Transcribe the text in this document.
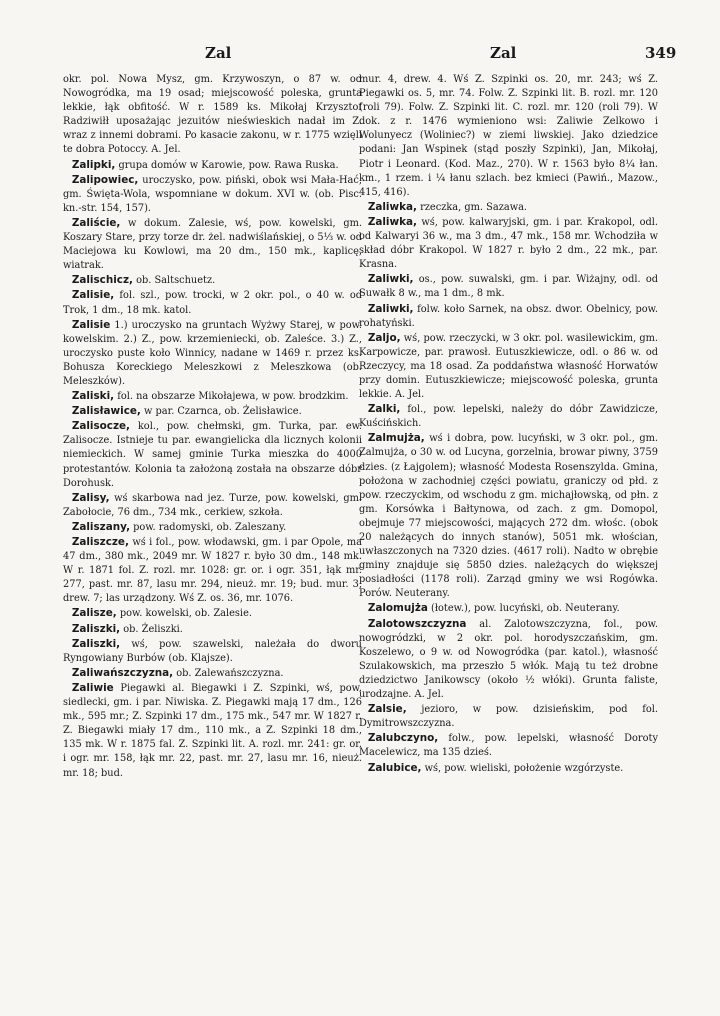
Zal	Zal	349

okr. pol. Nowa Mysz, gm. Krzywoszyn, o 87 w. od Nowogródka, ma 19 osad; miejscowość poleska, grunta lekkie, łąk obfitość. W r. 1589 ks. Mikołaj Krzysztof Radziwiłł uposażając jezuitów nieświeskich nadał im Z. wraz z innemi dobrami. Po kasacie zakonu, w r. 1775 wzięli te dobra Potoccy. A. Jel.

Zalipki, grupa domów w Karowie, pow. Rawa Ruska.

Zalipowiec, uroczysko, pow. piński, obok wsi Mała-Hać, gm. Święta-Wola, wspomniane w dokum. XVI w. (ob. Pisc. kn.-str. 154, 157).

Zaliście, w dokum. Zalesie, wś, pow. kowelski, gm. Koszary Stare, przy torze dr. żel. nadwiślańskiej, o 5⅓ w. od Maciejowa ku Kowlowi, ma 20 dm., 150 mk., kaplicę, wiatrak.

Zalischicz, ob. Saltschuetz.

Zalisie, fol. szl., pow. trocki, w 2 okr. pol., o 40 w. od Trok, 1 dm., 18 mk. katol.

Zalisie 1.) uroczysko na gruntach Wyżwy Starej, w pow. kowelskim. 2.) Z., pow. krzemieniecki, ob. Zaleśce. 3.) Z., uroczysko puste koło Winnicy, nadane w 1469 r. przez ks. Bohusza Koreckiego Meleszkowi z Meleszkowa (ob. Meleszków).

Zaliski, fol. na obszarze Mikołajewa, w pow. brodzkim.

Zalisławice, w par. Czarnca, ob. Żelisławice.

Zalisocze, kol., pow. chełmski, gm. Turka, par. ew. Zalisocze. Istnieje tu par. ewangielicka dla licznych kolonii niemieckich. W samej gminie Turka mieszka do 4000 protestantów. Kolonia ta założoną została na obszarze dóbr Dorohusk.

Zalisy, wś skarbowa nad jez. Turze, pow. kowelski, gm. Zabołocie, 76 dm., 734 mk., cerkiew, szkoła.

Zaliszany, pow. radomyski, ob. Zaleszany.

Zaliszcze, wś i fol., pow. włodawski, gm. i par Opole, ma 47 dm., 380 mk., 2049 mr. W 1827 r. było 30 dm., 148 mk. W r. 1871 fol. Z. rozl. mr. 1028: gr. or. i ogr. 351, łąk mr. 277, past. mr. 87, lasu mr. 294, nieuż. mr. 19; bud. mur. 3, drew. 7; las urządzony. Wś Z. os. 36, mr. 1076.

Zalisze, pow. kowelski, ob. Zalesie.

Zaliszki, ob. Żeliszki.

Zaliszki, wś, pow. szawelski, należała do dworu Ryngowiany Burbów (ob. Klajsze).

Zaliwańszczyzna, ob. Zalewańszczyzna.

Zaliwie Piegawki al. Biegawki i Z. Szpinki, wś, pow. siedlecki, gm. i par. Niwiska. Z. Piegawki mają 17 dm., 126 mk., 595 mr.; Z. Szpinki 17 dm., 175 mk., 547 mr. W 1827 r. Z. Biegawki miały 17 dm., 110 mk., a Z. Szpinki 18 dm., 135 mk. W r. 1875 fal. Z. Szpinki lit. A. rozl. mr. 241: gr. or. i ogr. mr. 158, łąk mr. 22, past. mr. 27, lasu mr. 16, nieuż. mr. 18; bud.

mur. 4, drew. 4. Wś Z. Szpinki os. 20, mr. 243; wś Z. Piegawki os. 5, mr. 74. Folw. Z. Szpinki lit. B. rozl. mr. 120 (roli 79). Folw. Z. Szpinki lit. C. rozl. mr. 120 (roli 79). W dok. z r. 1476 wymieniono wsi: Zaliwie Zelkowo i Wolunyecz (Woliniec?) w ziemi liwskiej. Jako dziedzice podani: Jan Wspinek (stąd poszły Szpinki), Jan, Mikołaj, Piotr i Leonard. (Kod. Maz., 270). W r. 1563 było 8¼ łan. km., 1 rzem. i ¼ łanu szlach. bez kmieci (Pawiń., Mazow., 415, 416).

Zaliwka, rzeczka, gm. Sazawa.

Zaliwka, wś, pow. kalwaryjski, gm. i par. Krakopol, odl. od Kalwaryi 36 w., ma 3 dm., 47 mk., 158 mr. Wchodziła w skład dóbr Krakopol. W 1827 r. było 2 dm., 22 mk., par. Krasna.

Zaliwki, os., pow. suwalski, gm. i par. Wiżajny, odl. od Suwałk 8 w., ma 1 dm., 8 mk.

Zaliwki, folw. koło Sarnek, na obsz. dwor. Obelnicy, pow. rohatyński.

Zaljo, wś, pow. rzeczycki, w 3 okr. pol. wasilewickim, gm. Karpowicze, par. prawosł. Eutuszkiewicze, odl. o 86 w. od Rzeczycy, ma 18 osad. Za poddaństwa własność Horwatów przy domin. Eutuszkiewicze; miejscowość poleska, grunta lekkie. A. Jel.

Zalki, fol., pow. lepelski, należy do dóbr Zawidzicze, Kuścińskich.

Zalmujża, wś i dobra, pow. lucyński, w 3 okr. pol., gm. Zalmujża, o 30 w. od Lucyna, gorzelnia, browar piwny, 3759 dzies. (z Łajgolem); własność Modesta Rosenszylda. Gmina, położona w zachodniej części powiatu, graniczy od płd. z pow. rzeczyckim, od wschodu z gm. michajłowską, od płn. z gm. Korsówka i Bałtynowa, od zach. z gm. Domopol, obejmuje 77 miejscowości, mających 272 dm. włośc. (obok 20 należących do innych stanów), 5051 mk. włościan, uwłaszczonych na 7320 dzies. (4617 roli). Nadto w obrębie gminy znajduje się 5850 dzies. należących do większej posiadłości (1178 roli). Zarząd gminy we wsi Rogówka. Porów. Neuterany.

Zalomujża (łotew.), pow. lucyński, ob. Neuterany.

Zalotowszczyzna al. Zalotowszczyzna, fol., pow. nowogródzki, w 2 okr. pol. horodyszczańskim, gm. Koszelewo, o 9 w. od Nowogródka (par. katol.), własność Szulakowskich, ma przeszło 5 włók. Mają tu też drobne dziedzictwo Janikowscy (około ½ włóki). Grunta faliste, urodzajne. A. Jel.

Zalsie, jezioro, w pow. dzisieńskim, pod fol. Dymitrowszczyzna.

Zalubczyno, folw., pow. lepelski, własność Doroty Macelewicz, ma 135 dzieś.

Zalubice, wś, pow. wieliski, położenie wzgórzyste.
